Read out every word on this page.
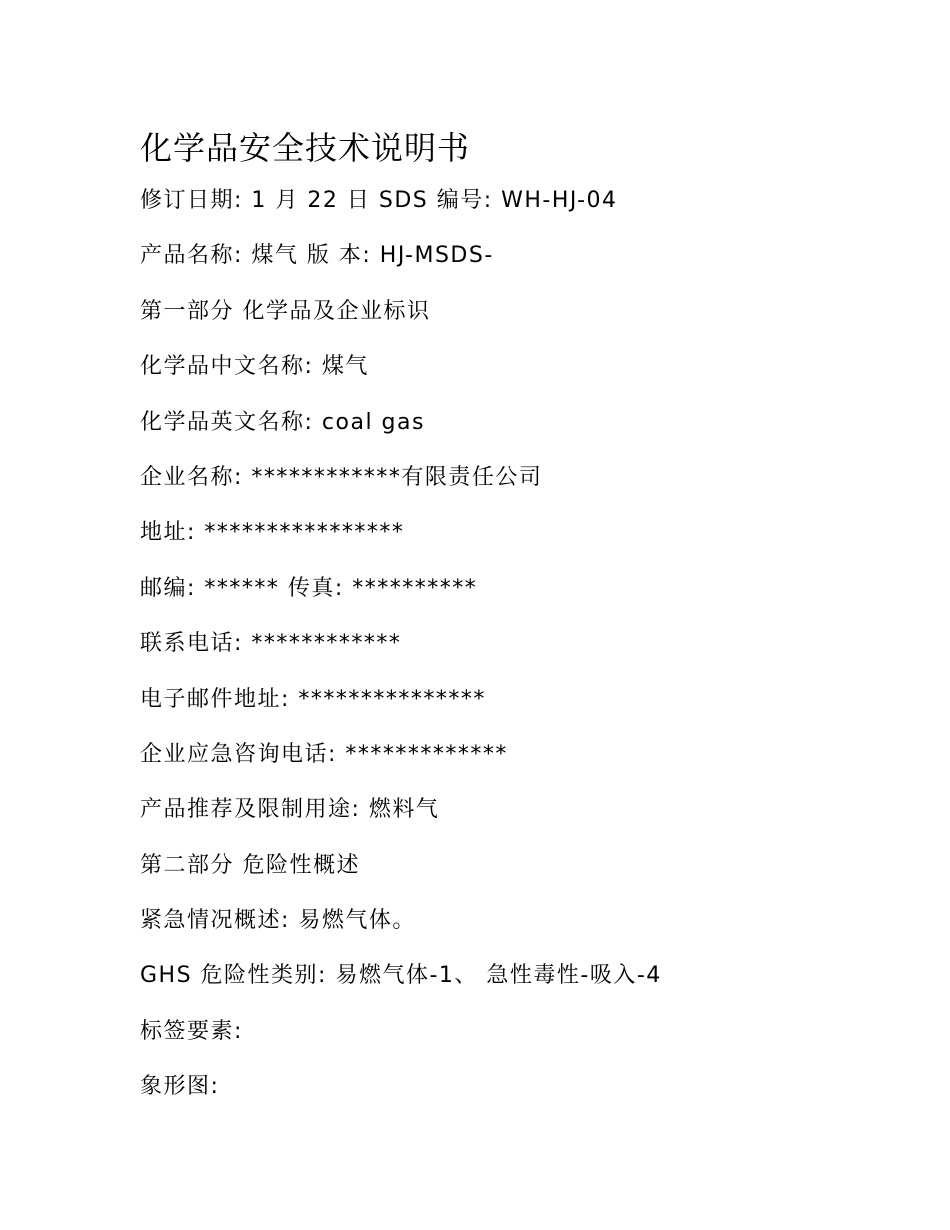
化学品安全技术说明书
修订日期: 1 月 22 日 SDS 编号: WH-HJ-04
产品名称: 煤气 版 本: HJ-MSDS-
第一部分 化学品及企业标识
化学品中文名称: 煤气
化学品英文名称: coal gas
企业名称: ************有限责任公司
地址: ****************
邮编: ****** 传真: **********
联系电话: ************
电子邮件地址: ***************
企业应急咨询电话: *************
产品推荐及限制用途: 燃料气
第二部分 危险性概述
紧急情况概述: 易燃气体。
GHS 危险性类别: 易燃气体-1、 急性毒性-吸入-4
标签要素:
象形图:
